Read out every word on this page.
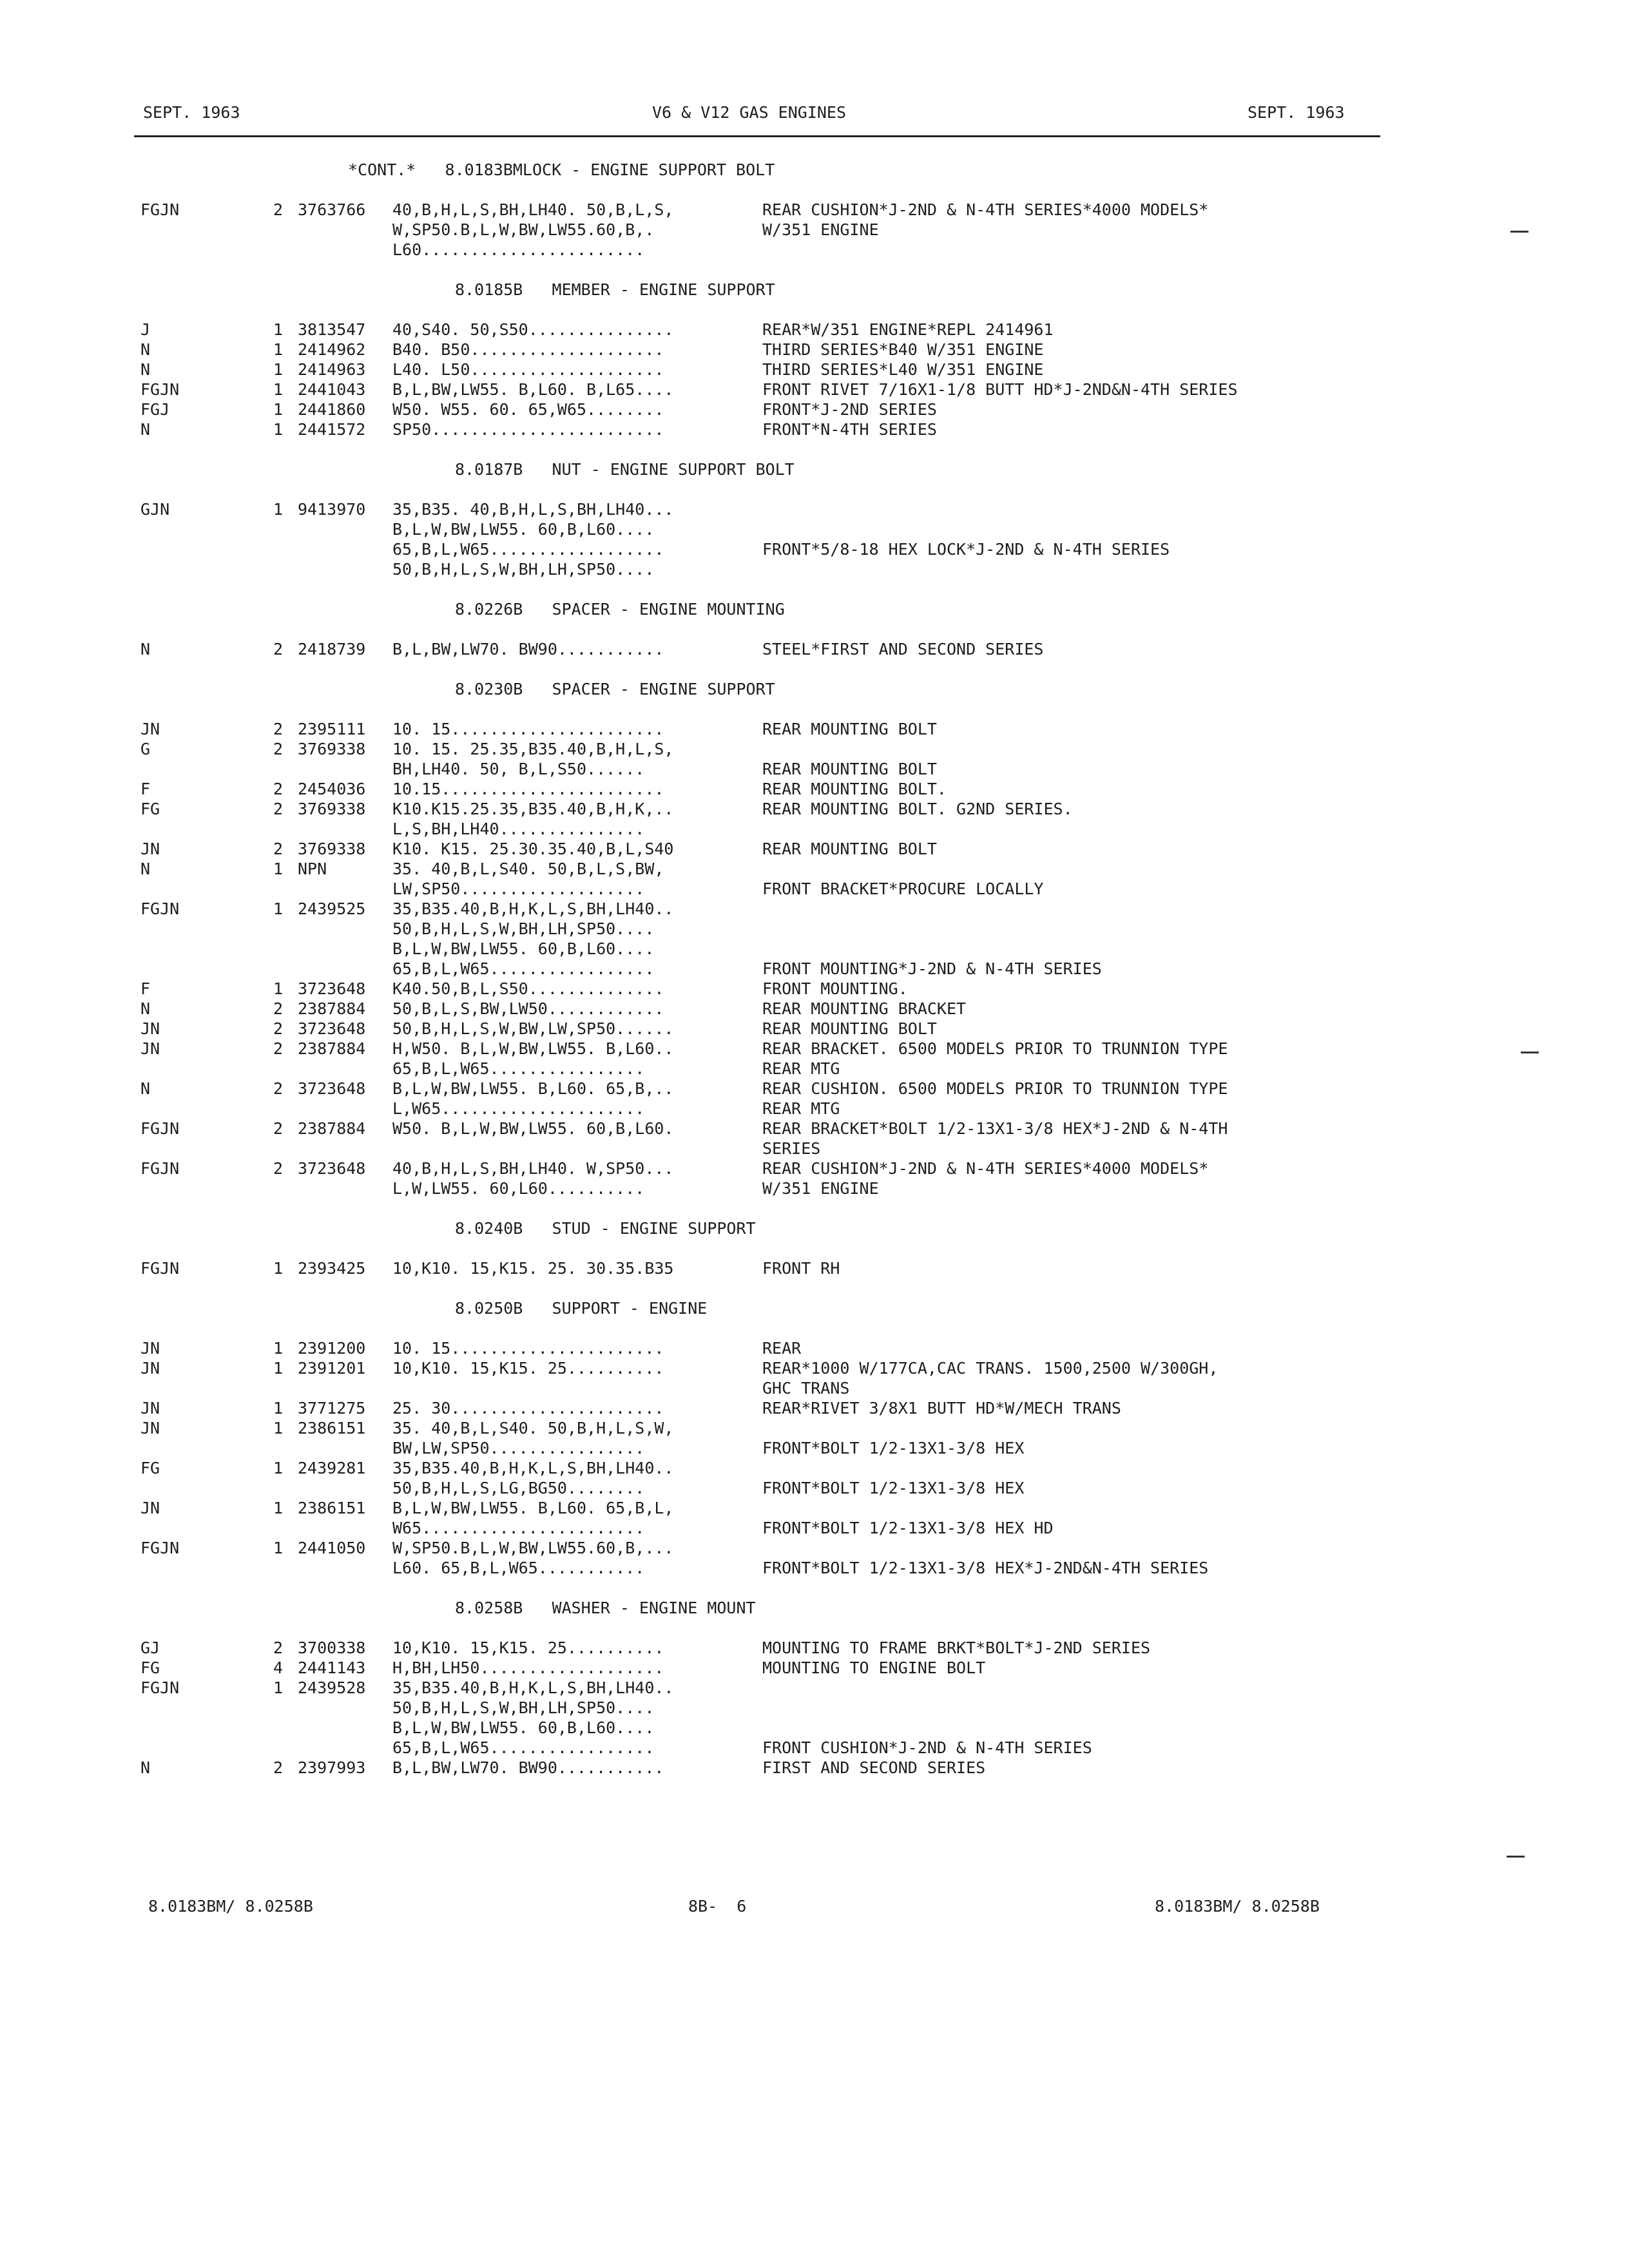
SEPT. 1963	V6 & V12 GAS ENGINES	SEPT. 1963
*CONT.*   8.0183BMLOCK - ENGINE SUPPORT BOLT
FGJN	2 3763766 40,B,H,L,S,BH,LH40. 50,B,L,S,	REAR CUSHION*J-2ND & N-4TH SERIES*4000 MODELS*
W,SP50.B,L,W,BW,LW55.60,B,.	W/351 ENGINE
L60.......................
8.0185B   MEMBER - ENGINE SUPPORT
J	1 3813547 40,S40. 50,S50...............	REAR*W/351 ENGINE*REPL 2414961
N	1 2414962 B40. B50....................	THIRD SERIES*B40 W/351 ENGINE
N	1 2414963 L40. L50....................	THIRD SERIES*L40 W/351 ENGINE
FGJN	1 2441043 B,L,BW,LW55. B,L60. B,L65....	FRONT RIVET 7/16X1-1/8 BUTT HD*J-2ND&N-4TH SERIES
FGJ	1 2441860 W50. W55. 60. 65,W65........	FRONT*J-2ND SERIES
N	1 2441572 SP50........................	FRONT*N-4TH SERIES
8.0187B   NUT - ENGINE SUPPORT BOLT
GJN	1 9413970 35,B35. 40,B,H,L,S,BH,LH40...
B,L,W,BW,LW55. 60,B,L60....
65,B,L,W65..................	FRONT*5/8-18 HEX LOCK*J-2ND & N-4TH SERIES
50,B,H,L,S,W,BH,LH,SP50....
8.0226B   SPACER - ENGINE MOUNTING
N	2 2418739 B,L,BW,LW70. BW90...........	STEEL*FIRST AND SECOND SERIES
8.0230B   SPACER - ENGINE SUPPORT
JN	2 2395111 10. 15......................	REAR MOUNTING BOLT
G	2 3769338 10. 15. 25.35,B35.40,B,H,L,S,
BH,LH40. 50, B,L,S50......	REAR MOUNTING BOLT
F	2 2454036 10.15.......................	REAR MOUNTING BOLT.
FG	2 3769338 K10.K15.25.35,B35.40,B,H,K,..	REAR MOUNTING BOLT. G2ND SERIES.
L,S,BH,LH40...............
JN	2 3769338 K10. K15. 25.30.35.40,B,L,S40	REAR MOUNTING BOLT
N	1 NPN	35. 40,B,L,S40. 50,B,L,S,BW,
LW,SP50...................	FRONT BRACKET*PROCURE LOCALLY
FGJN	1 2439525 35,B35.40,B,H,K,L,S,BH,LH40..
50,B,H,L,S,W,BH,LH,SP50....
B,L,W,BW,LW55. 60,B,L60....
65,B,L,W65.................	FRONT MOUNTING*J-2ND & N-4TH SERIES
F	1 3723648 K40.50,B,L,S50..............	FRONT MOUNTING.
N	2 2387884 50,B,L,S,BW,LW50............	REAR MOUNTING BRACKET
JN	2 3723648 50,B,H,L,S,W,BW,LW,SP50......	REAR MOUNTING BOLT
JN	2 2387884 H,W50. B,L,W,BW,LW55. B,L60..	REAR BRACKET. 6500 MODELS PRIOR TO TRUNNION TYPE
65,B,L,W65................	REAR MTG
N	2 3723648 B,L,W,BW,LW55. B,L60. 65,B,..	REAR CUSHION. 6500 MODELS PRIOR TO TRUNNION TYPE
L,W65.....................	REAR MTG
FGJN	2 2387884 W50. B,L,W,BW,LW55. 60,B,L60.	REAR BRACKET*BOLT 1/2-13X1-3/8 HEX*J-2ND & N-4TH
SERIES
FGJN	2 3723648 40,B,H,L,S,BH,LH40. W,SP50...	REAR CUSHION*J-2ND & N-4TH SERIES*4000 MODELS*
L,W,LW55. 60,L60..........	W/351 ENGINE
8.0240B   STUD - ENGINE SUPPORT
FGJN	1 2393425 10,K10. 15,K15. 25. 30.35.B35	FRONT RH
8.0250B   SUPPORT - ENGINE
JN	1 2391200 10. 15......................	REAR
JN	1 2391201 10,K10. 15,K15. 25..........	REAR*1000 W/177CA,CAC TRANS. 1500,2500 W/300GH,
GHC TRANS
JN	1 3771275 25. 30......................	REAR*RIVET 3/8X1 BUTT HD*W/MECH TRANS
JN	1 2386151 35. 40,B,L,S40. 50,B,H,L,S,W,
BW,LW,SP50................	FRONT*BOLT 1/2-13X1-3/8 HEX
FG	1 2439281 35,B35.40,B,H,K,L,S,BH,LH40..
50,B,H,L,S,LG,BG50........	FRONT*BOLT 1/2-13X1-3/8 HEX
JN	1 2386151 B,L,W,BW,LW55. B,L60. 65,B,L,
W65.......................	FRONT*BOLT 1/2-13X1-3/8 HEX HD
FGJN	1 2441050 W,SP50.B,L,W,BW,LW55.60,B,...
L60. 65,B,L,W65...........	FRONT*BOLT 1/2-13X1-3/8 HEX*J-2ND&N-4TH SERIES
8.0258B   WASHER - ENGINE MOUNT
GJ	2 3700338 10,K10. 15,K15. 25..........	MOUNTING TO FRAME BRKT*BOLT*J-2ND SERIES
FG	4 2441143 H,BH,LH50...................	MOUNTING TO ENGINE BOLT
FGJN	1 2439528 35,B35.40,B,H,K,L,S,BH,LH40..
50,B,H,L,S,W,BH,LH,SP50....
B,L,W,BW,LW55. 60,B,L60....
65,B,L,W65.................	FRONT CUSHION*J-2ND & N-4TH SERIES
N	2 2397993 B,L,BW,LW70. BW90...........	FIRST AND SECOND SERIES
8.0183BM/ 8.0258B	8B-  6	8.0183BM/ 8.0258B
